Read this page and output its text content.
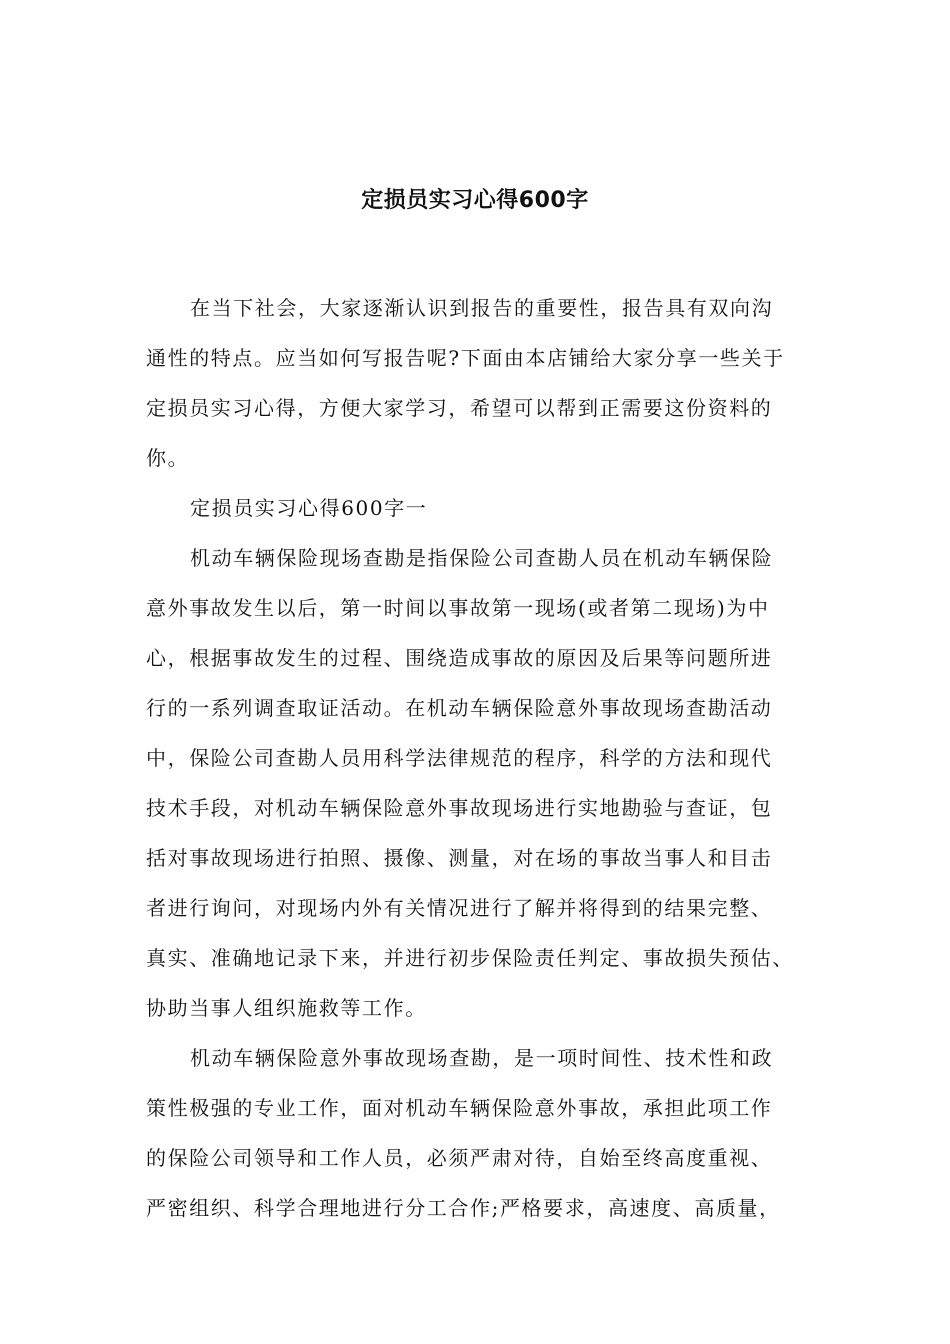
定损员实习心得600字

在当下社会，大家逐渐认识到报告的重要性，报告具有双向沟
通性的特点。应当如何写报告呢?下面由本店铺给大家分享一些关于
定损员实习心得，方便大家学习，希望可以帮到正需要这份资料的
你。

定损员实习心得600字一

机动车辆保险现场查勘是指保险公司查勘人员在机动车辆保险
意外事故发生以后，第一时间以事故第一现场(或者第二现场)为中
心，根据事故发生的过程、围绕造成事故的原因及后果等问题所进
行的一系列调查取证活动。在机动车辆保险意外事故现场查勘活动
中，保险公司查勘人员用科学法律规范的程序，科学的方法和现代
技术手段，对机动车辆保险意外事故现场进行实地勘验与查证，包
括对事故现场进行拍照、摄像、测量，对在场的事故当事人和目击
者进行询问，对现场内外有关情况进行了解并将得到的结果完整、
真实、准确地记录下来，并进行初步保险责任判定、事故损失预估、
协助当事人组织施救等工作。

机动车辆保险意外事故现场查勘，是一项时间性、技术性和政
策性极强的专业工作，面对机动车辆保险意外事故，承担此项工作
的保险公司领导和工作人员，必须严肃对待，自始至终高度重视、
严密组织、科学合理地进行分工合作;严格要求，高速度、高质量，
